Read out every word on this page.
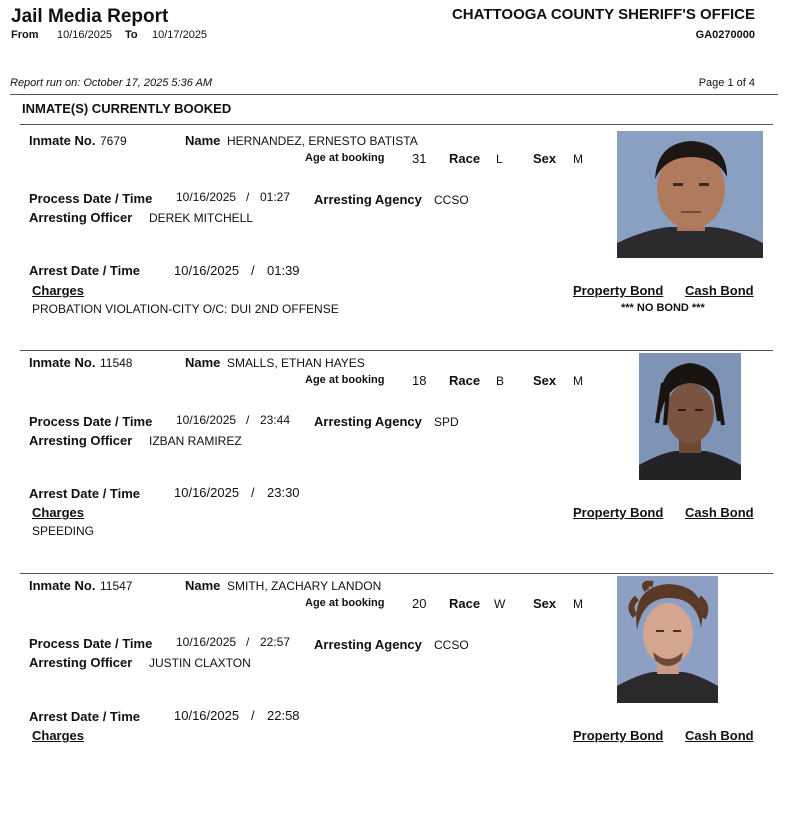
Jail Media Report	CHATTOOGA COUNTY SHERIFF'S OFFICE
From 10/16/2025 To 10/17/2025	GA0270000
Report run on: October 17, 2025 5:36 AM	Page 1 of 4
INMATE(S) CURRENTLY BOOKED
Inmate No. 7679	Name HERNANDEZ, ERNESTO BATISTA
Age at booking 31 Race L Sex M
Process Date / Time 10/16/2025 / 01:27 Arresting Agency CCSO
Arresting Officer DEREK MITCHELL
Arrest Date / Time	10/16/2025 / 01:39
Charges	Property Bond Cash Bond
PROBATION VIOLATION-CITY O/C: DUI 2ND OFFENSE	*** NO BOND ***
Inmate No. 11548	Name SMALLS, ETHAN HAYES
Age at booking 18 Race B Sex M
Process Date / Time 10/16/2025 / 23:44 Arresting Agency SPD
Arresting Officer IZBAN RAMIREZ
Arrest Date / Time	10/16/2025 / 23:30
Charges	Property Bond Cash Bond
SPEEDING
Inmate No. 11547	Name SMITH, ZACHARY LANDON
Age at booking 20 Race W Sex M
Process Date / Time 10/16/2025 / 22:57 Arresting Agency CCSO
Arresting Officer JUSTIN CLAXTON
Arrest Date / Time	10/16/2025 / 22:58
Charges	Property Bond Cash Bond
